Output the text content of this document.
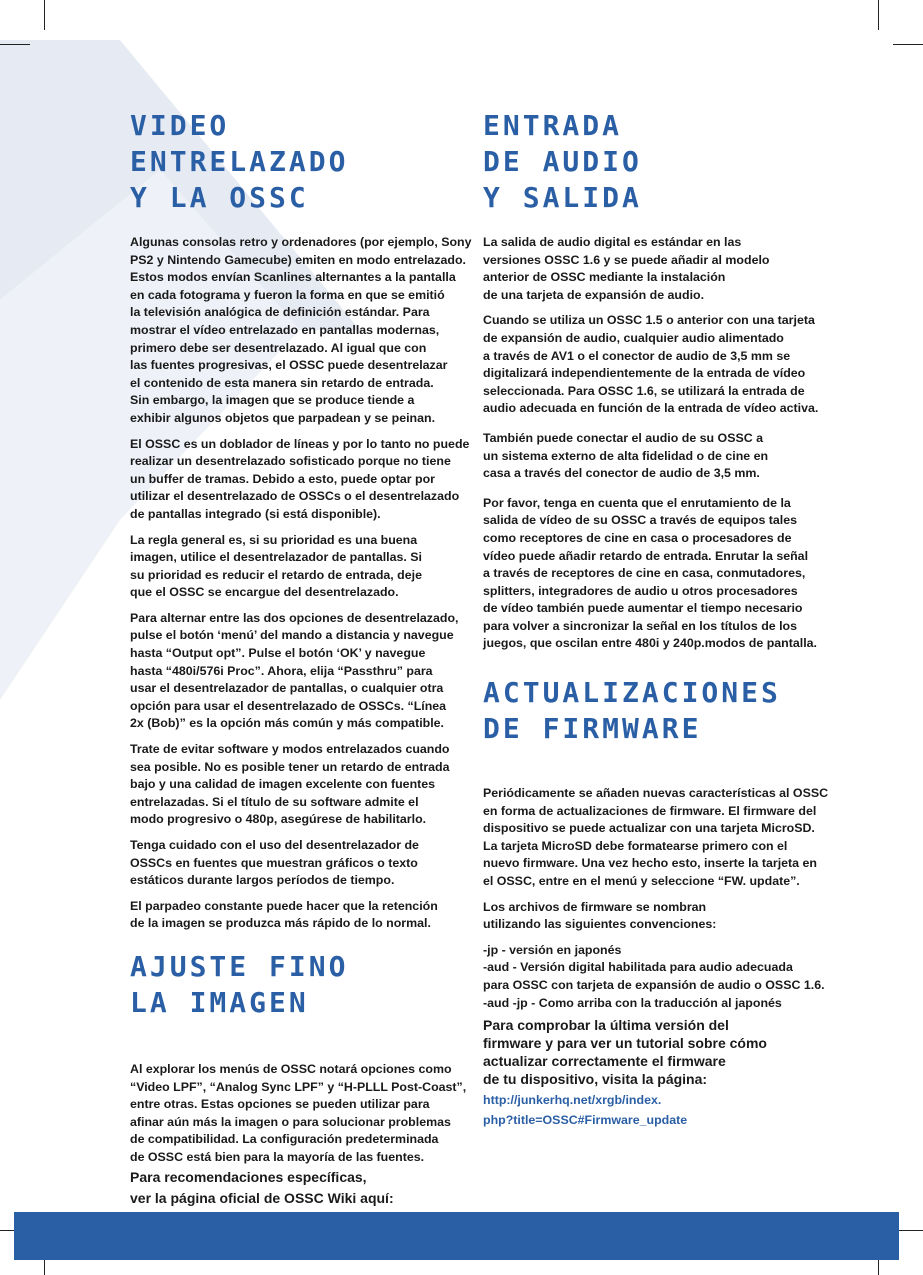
VIDEO
ENTRELAZADO
Y LA OSSC

Algunas consolas retro y ordenadores (por ejemplo, Sony
PS2 y Nintendo Gamecube) emiten en modo entrelazado.
Estos modos envían Scanlines alternantes a la pantalla
en cada fotograma y fueron la forma en que se emitió
la televisión analógica de definición estándar. Para
mostrar el vídeo entrelazado en pantallas modernas,
primero debe ser desentrelazado. Al igual que con
las fuentes progresivas, el OSSC puede desentrelazar
el contenido de esta manera sin retardo de entrada.
Sin embargo, la imagen que se produce tiende a
exhibir algunos objetos que parpadean y se peinan.

El OSSC es un doblador de líneas y por lo tanto no puede
realizar un desentrelazado sofisticado porque no tiene
un buffer de tramas. Debido a esto, puede optar por
utilizar el desentrelazado de OSSCs o el desentrelazado
de pantallas integrado (si está disponible).

La regla general es, si su prioridad es una buena
imagen, utilice el desentrelazador de pantallas. Si
su prioridad es reducir el retardo de entrada, deje
que el OSSC se encargue del desentrelazado.

Para alternar entre las dos opciones de desentrelazado,
pulse el botón ‘menú’ del mando a distancia y navegue
hasta “Output opt”. Pulse el botón ‘OK’ y navegue
hasta “480i/576i Proc”. Ahora, elija “Passthru” para
usar el desentrelazador de pantallas, o cualquier otra
opción para usar el desentrelazado de OSSCs. “Línea
2x (Bob)” es la opción más común y más compatible.

Trate de evitar software y modos entrelazados cuando
sea posible. No es posible tener un retardo de entrada
bajo y una calidad de imagen excelente con fuentes
entrelazadas. Si el título de su software admite el
modo progresivo o 480p, asegúrese de habilitarlo.

Tenga cuidado con el uso del desentrelazador de
OSSCs en fuentes que muestran gráficos o texto
estáticos durante largos períodos de tiempo.

El parpadeo constante puede hacer que la retención
de la imagen se produzca más rápido de lo normal.

AJUSTE FINO
LA IMAGEN

Al explorar los menús de OSSC notará opciones como
“Video LPF”, “Analog Sync LPF” y “H-PLLL Post-Coast”,
entre otras. Estas opciones se pueden utilizar para
afinar aún más la imagen o para solucionar problemas
de compatibilidad. La configuración predeterminada
de OSSC está bien para la mayoría de las fuentes.

Para recomendaciones específicas,
ver la página oficial de OSSC Wiki aquí:

ENTRADA
DE AUDIO
Y SALIDA

La salida de audio digital es estándar en las
versiones OSSC 1.6 y se puede añadir al modelo
anterior de OSSC mediante la instalación
de una tarjeta de expansión de audio.

Cuando se utiliza un OSSC 1.5 o anterior con una tarjeta
de expansión de audio, cualquier audio alimentado
a través de AV1 o el conector de audio de 3,5 mm se
digitalizará independientemente de la entrada de vídeo
seleccionada. Para OSSC 1.6, se utilizará la entrada de
audio adecuada en función de la entrada de vídeo activa.

También puede conectar el audio de su OSSC a
un sistema externo de alta fidelidad o de cine en
casa a través del conector de audio de 3,5 mm.

Por favor, tenga en cuenta que el enrutamiento de la
salida de vídeo de su OSSC a través de equipos tales
como receptores de cine en casa o procesadores de
vídeo puede añadir retardo de entrada. Enrutar la señal
a través de receptores de cine en casa, conmutadores,
splitters, integradores de audio u otros procesadores
de vídeo también puede aumentar el tiempo necesario
para volver a sincronizar la señal en los títulos de los
juegos, que oscilan entre 480i y 240p.modos de pantalla.

ACTUALIZACIONES
DE FIRMWARE

Periódicamente se añaden nuevas características al OSSC
en forma de actualizaciones de firmware. El firmware del
dispositivo se puede actualizar con una tarjeta MicroSD.
La tarjeta MicroSD debe formatearse primero con el
nuevo firmware. Una vez hecho esto, inserte la tarjeta en
el OSSC, entre en el menú y seleccione “FW. update”.

Los archivos de firmware se nombran
utilizando las siguientes convenciones:

-jp - versión en japonés
-aud - Versión digital habilitada para audio adecuada
para OSSC con tarjeta de expansión de audio o OSSC 1.6.
-aud -jp - Como arriba con la traducción al japonés

Para comprobar la última versión del
firmware y para ver un tutorial sobre cómo
actualizar correctamente el firmware
de tu dispositivo, visita la página:

http://junkerhq.net/xrgb/index.
php?title=OSSC#Firmware_update
